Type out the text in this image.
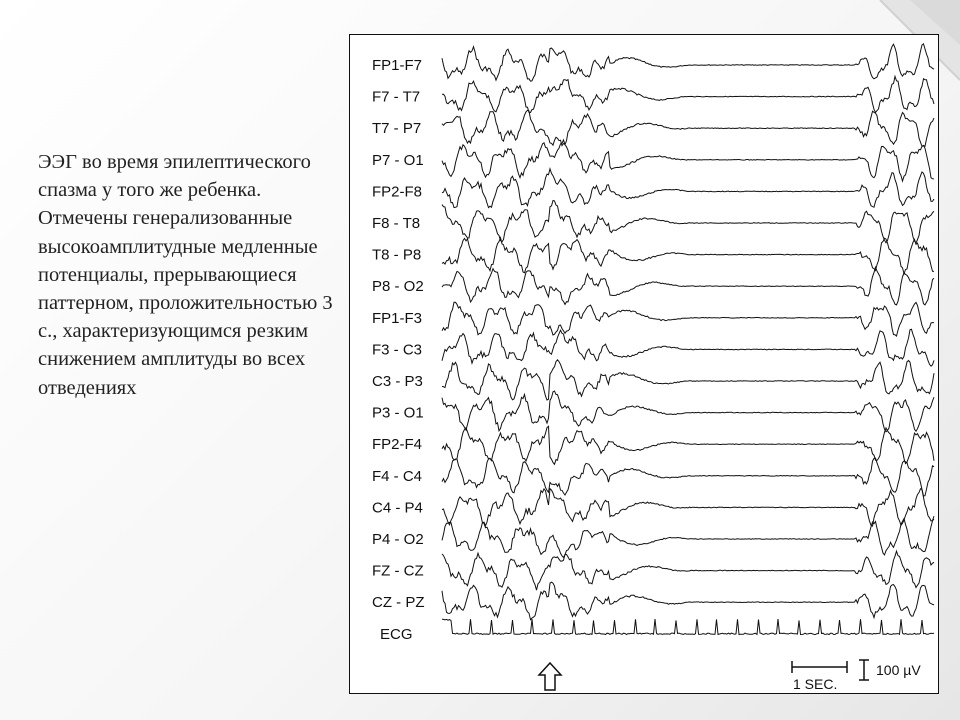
ЭЭГ во время эпилептического спазма у того же ребенка. Отмечены генерализованные высокоамплитудные медленные потенциалы, прерывающиеся паттерном, проложительностью 3 с., характеризующимся резким снижением амплитуды во всех отведениях
FP1-F7
F7 - T7
T7 - P7
P7 - O1
FP2-F8
F8 - T8
T8 - P8
P8 - O2
FP1-F3
F3 - C3
C3 - P3
P3 - O1
FP2-F4
F4 - C4
C4 - P4
P4 - O2
FZ - CZ
CZ - PZ
ECG
1 SEC.
100 µV
